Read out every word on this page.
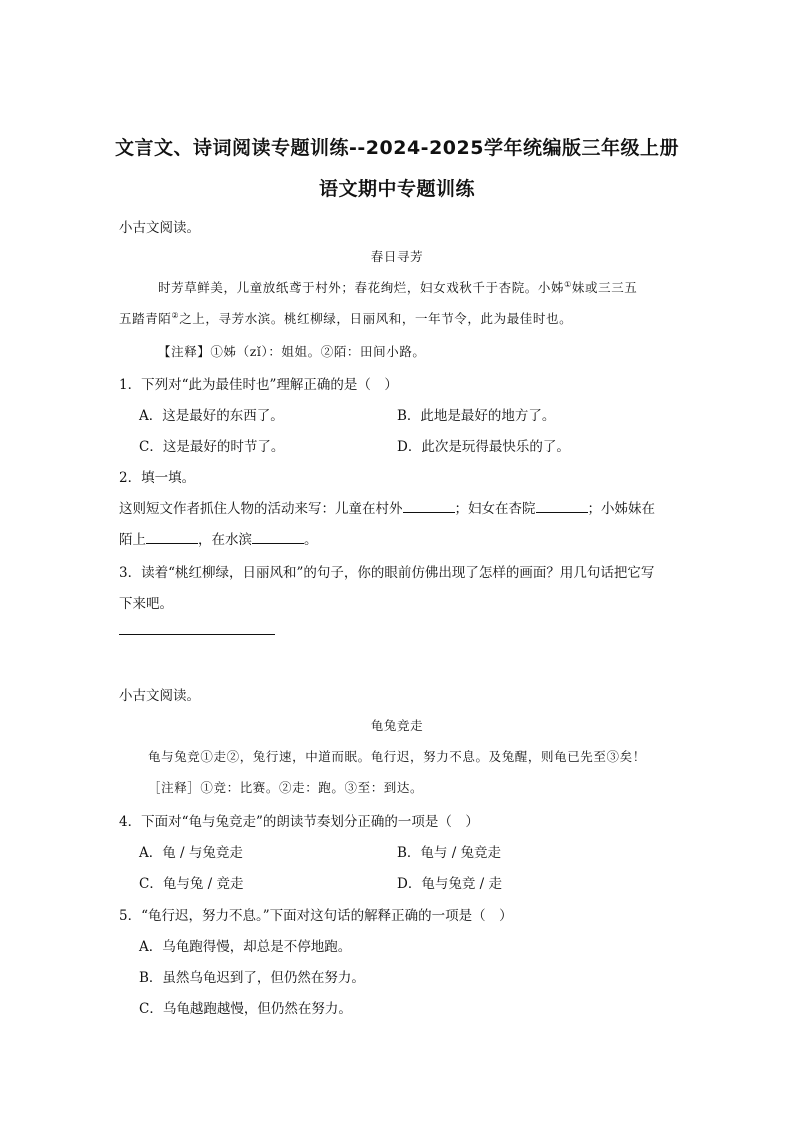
文言文、诗词阅读专题训练--2024-2025学年统编版三年级上册
语文期中专题训练
小古文阅读。
春日寻芳
时芳草鲜美，儿童放纸鸢于村外；春花绚烂，妇女戏秋千于杏院。小姊①妹或三三五
五踏青陌②之上，寻芳水滨。桃红柳绿，日丽风和，一年节令，此为最佳时也。
【注释】①姊（zǐ）：姐姐。②陌：田间小路。
1．下列对“此为最佳时也”理解正确的是（　）
A．这是最好的东西了。	B．此地是最好的地方了。
C．这是最好的时节了。	D．此次是玩得最快乐的了。
2．填一填。
这则短文作者抓住人物的活动来写：儿童在村外	；妇女在杏院	；小姊妹在
陌上	，在水滨	。
3．读着“桃红柳绿，日丽风和”的句子，你的眼前仿佛出现了怎样的画面？用几句话把它写
下来吧。
小古文阅读。
龟兔竞走
龟与兔竞①走②，兔行速，中道而眠。龟行迟，努力不息。及兔醒，则龟已先至③矣！
［注释］①竞：比赛。②走：跑。③至：到达。
4．下面对“龟与兔竞走”的朗读节奏划分正确的一项是（　）
A．龟 / 与兔竞走	B．龟与 / 兔竞走
C．龟与兔 / 竞走	D．龟与兔竞 / 走
5．“龟行迟，努力不息。”下面对这句话的解释正确的一项是（　）
A．乌龟跑得慢，却总是不停地跑。
B．虽然乌龟迟到了，但仍然在努力。
C．乌龟越跑越慢，但仍然在努力。
